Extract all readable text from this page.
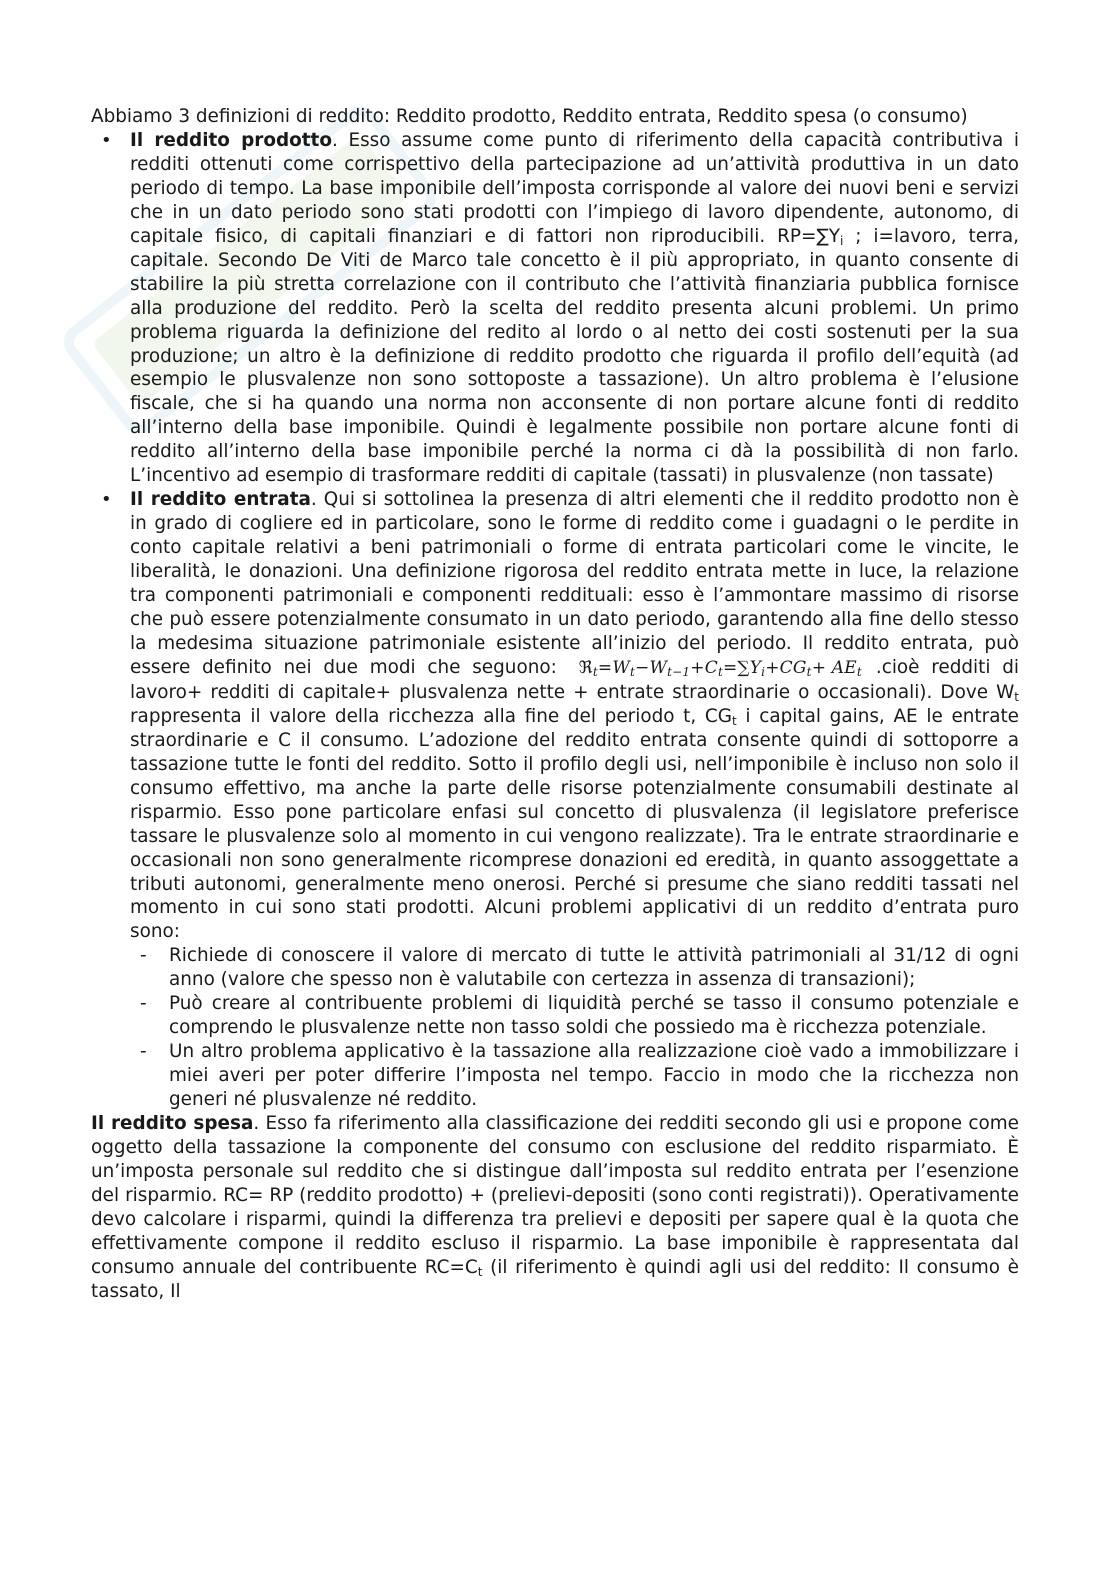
Abbiamo 3 definizioni di reddito: Reddito prodotto, Reddito entrata, Reddito spesa (o consumo)

• Il reddito prodotto. Esso assume come punto di riferimento della capacità contributiva i redditi ottenuti come corrispettivo della partecipazione ad un’attività produttiva in un dato periodo di tempo. La base imponibile dell’imposta corrisponde al valore dei nuovi beni e servizi che in un dato periodo sono stati prodotti con l’impiego di lavoro dipendente, autonomo, di capitale fisico, di capitali finanziari e di fattori non riproducibili. $RP=\sum Y_i$ ; i=lavoro, terra, capitale. Secondo De Viti de Marco tale concetto è il più appropriato, in quanto consente di stabilire la più stretta correlazione con il contributo che l’attività finanziaria pubblica fornisce alla produzione del reddito. Però la scelta del reddito presenta alcuni problemi. Un primo problema riguarda la definizione del redito al lordo o al netto dei costi sostenuti per la sua produzione; un altro è la definizione di reddito prodotto che riguarda il profilo dell’equità (ad esempio le plusvalenze non sono sottoposte a tassazione). Un altro problema è l’elusione fiscale, che si ha quando una norma non acconsente di non portare alcune fonti di reddito all’interno della base imponibile. Quindi è legalmente possibile non portare alcune fonti di reddito all’interno della base imponibile perché la norma ci dà la possibilità di non farlo. L’incentivo ad esempio di trasformare redditi di capitale (tassati) in plusvalenze (non tassate)
• Il reddito entrata. Qui si sottolinea la presenza di altri elementi che il reddito prodotto non è in grado di cogliere ed in particolare, sono le forme di reddito come i guadagni o le perdite in conto capitale relativi a beni patrimoniali o forme di entrata particolari come le vincite, le liberalità, le donazioni. Una definizione rigorosa del reddito entrata mette in luce, la relazione tra componenti patrimoniali e componenti reddituali: esso è l’ammontare massimo di risorse che può essere potenzialmente consumato in un dato periodo, garantendo alla fine dello stesso la medesima situazione patrimoniale esistente all’inizio del periodo. Il reddito entrata, può essere definito nei due modi che seguono: $ℜ_t=W_t-W_{t-1}+C_t=\sum Y_i+CG_t+ AE_t$ .cioè redditi di lavoro+ redditi di capitale+ plusvalenza nette + entrate straordinarie o occasionali). Dove $W_t$ rappresenta il valore della ricchezza alla fine del periodo t, $CG_t$ i capital gains, AE le entrate straordinarie e C il consumo. L’adozione del reddito entrata consente quindi di sottoporre a tassazione tutte le fonti del reddito. Sotto il profilo degli usi, nell’imponibile è incluso non solo il consumo effettivo, ma anche la parte delle risorse potenzialmente consumabili destinate al risparmio. Esso pone particolare enfasi sul concetto di plusvalenza (il legislatore preferisce tassare le plusvalenze solo al momento in cui vengono realizzate). Tra le entrate straordinarie e occasionali non sono generalmente ricomprese donazioni ed eredità, in quanto assoggettate a tributi autonomi, generalmente meno onerosi. Perché si presume che siano redditi tassati nel momento in cui sono stati prodotti. Alcuni problemi applicativi di un reddito d’entrata puro sono:
- Richiede di conoscere il valore di mercato di tutte le attività patrimoniali al 31/12 di ogni anno (valore che spesso non è valutabile con certezza in assenza di transazioni);
- Può creare al contribuente problemi di liquidità perché se tasso il consumo potenziale e comprendo le plusvalenze nette non tasso soldi che possiedo ma è ricchezza potenziale.
- Un altro problema applicativo è la tassazione alla realizzazione cioè vado a immobilizzare i miei averi per poter differire l’imposta nel tempo. Faccio in modo che la ricchezza non generi né plusvalenze né reddito.

Il reddito spesa. Esso fa riferimento alla classificazione dei redditi secondo gli usi e propone come oggetto della tassazione la componente del consumo con esclusione del reddito risparmiato. È un’imposta personale sul reddito che si distingue dall’imposta sul reddito entrata per l’esenzione del risparmio. RC= RP (reddito prodotto) + (prelievi-depositi (sono conti registrati)). Operativamente devo calcolare i risparmi, quindi la differenza tra prelievi e depositi per sapere qual è la quota che effettivamente compone il reddito escluso il risparmio. La base imponibile è rappresentata dal consumo annuale del contribuente $RC=C_t$ (il riferimento è quindi agli usi del reddito: Il consumo è tassato, Il
